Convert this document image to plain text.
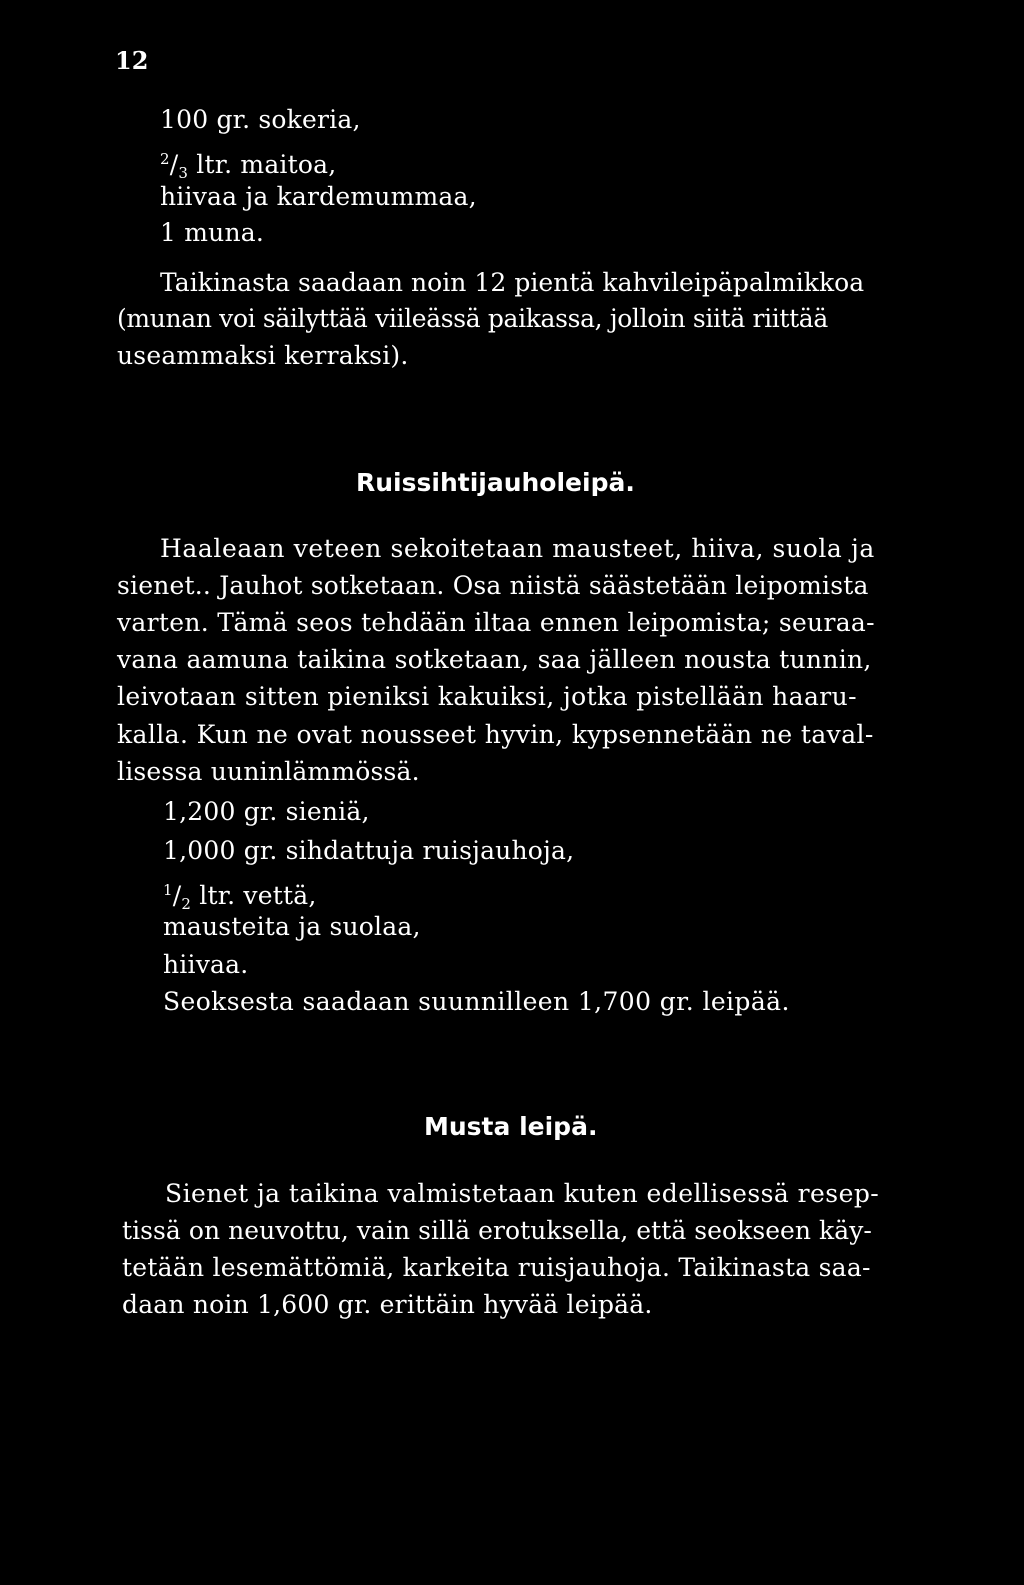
12
100 gr. sokeria,
$^2/_3$ ltr. maitoa,
hiivaa ja kardemummaa,
1 muna.
Taikinasta saadaan noin 12 pientä kahvileipäpalmikkoa
(munan voi säilyttää viileässä paikassa, jolloin siitä riittää
useammaksi kerraksi).
Ruissihtijauholeipä.
Haaleaan veteen sekoitetaan mausteet, hiiva, suola ja
sienet.. Jauhot sotketaan. Osa niistä säästetään leipomista
varten. Tämä seos tehdään iltaa ennen leipomista; seuraa-
vana aamuna taikina sotketaan, saa jälleen nousta tunnin,
leivotaan sitten pieniksi kakuiksi, jotka pistellään haaru-
kalla. Kun ne ovat nousseet hyvin, kypsennetään ne taval-
lisessa uuninlämmössä.
1,200 gr. sieniä,
1,000 gr. sihdattuja ruisjauhoja,
$^1/_2$ ltr. vettä,
mausteita ja suolaa,
hiivaa.
Seoksesta saadaan suunnilleen 1,700 gr. leipää.
Musta leipä.
Sienet ja taikina valmistetaan kuten edellisessä resep-
tissä on neuvottu, vain sillä erotuksella, että seokseen käy-
tetään lesemättömiä, karkeita ruisjauhoja. Taikinasta saa-
daan noin 1,600 gr. erittäin hyvää leipää.
